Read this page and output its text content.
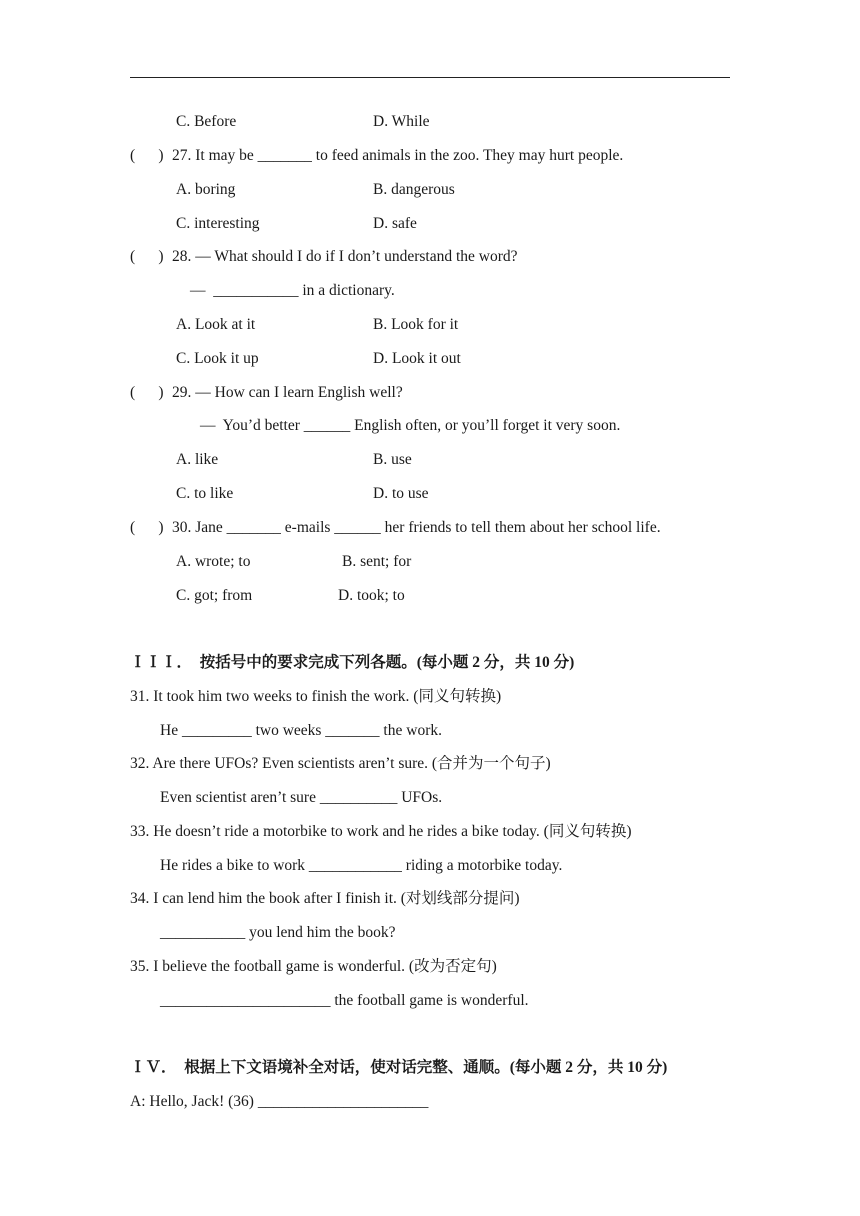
C. Before	D. While
(      ) 27. It may be _______ to feed animals in the zoo. They may hurt people.
A. boring	B. dangerous
C. interesting	D. safe
(      ) 28. — What should I do if I don’t understand the word?
—  ___________ in a dictionary.
A. Look at it	B. Look for it
C. Look it up	D. Look it out
(      ) 29. — How can I learn English well?
—  You’d better ______ English often, or you’ll forget it very soon.
A. like	B. use
C. to like	D. to use
(      ) 30. Jane _______ e-mails ______ her friends to tell them about her school life.
A. wrote; to	B. sent; for
C. got; from	D. took; to
ＩＩＩ．  按括号中的要求完成下列各题。(每小题 2 分，共 10 分)
31. It took him two weeks to finish the work. (同义句转换)
He _________ two weeks _______ the work.
32. Are there UFOs? Even scientists aren’t sure. (合并为一个句子)
Even scientist aren’t sure __________ UFOs.
33. He doesn’t ride a motorbike to work and he rides a bike today. (同义句转换)
He rides a bike to work ____________ riding a motorbike today.
34. I can lend him the book after I finish it. (对划线部分提问)
___________ you lend him the book?
35. I believe the football game is wonderful. (改为否定句)
______________________ the football game is wonderful.
ＩＶ．  根据上下文语境补全对话，使对话完整、通顺。(每小题 2 分，共 10 分)
A: Hello, Jack! (36) ______________________
